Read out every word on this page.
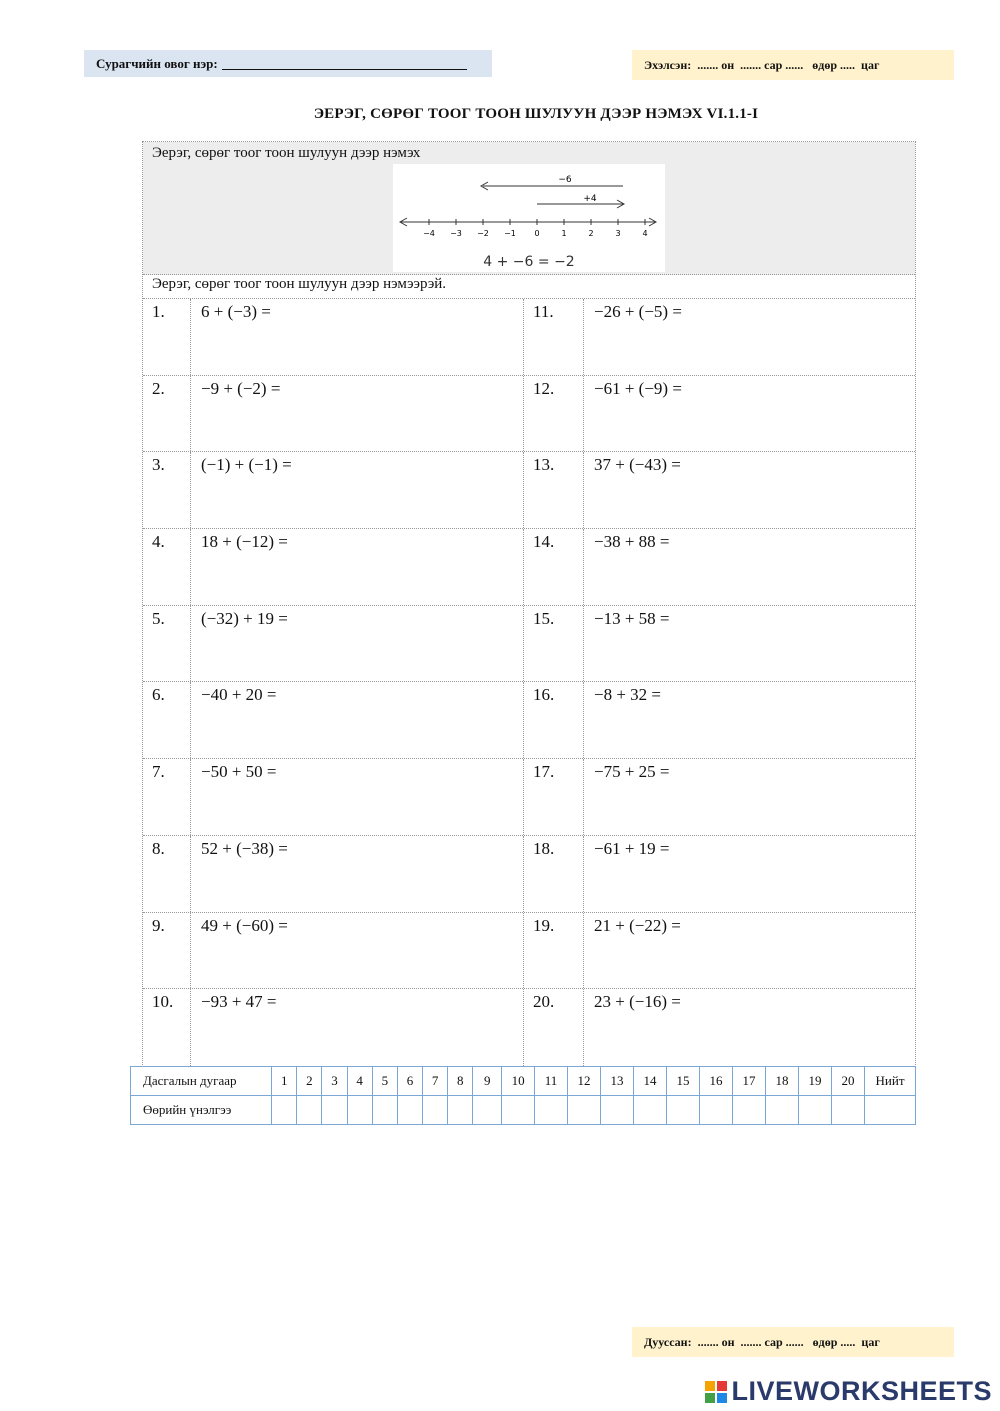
Сурагчийн овог нэр:	Эхэлсэн:  ....... он  ....... сар ......   өдөр .....  цаг
ЭЕРЭГ, СӨРӨГ ТООГ ТООН ШУЛУУН ДЭЭР НЭМЭХ VI.1.1-I
Эерэг, сөрөг тоог тоон шулуун дээр нэмэх
−6
+4
−4 −3 −2 −1 0	1	2	3	4
4 + −6 = −2
Эерэг, сөрөг тоог тоон шулуун дээр нэмээрэй.
1.	6 + (−3) =	11.	−26 + (−5) =
2.	−9 + (−2) =	12.	−61 + (−9) =
3.	(−1) + (−1) =	13.	37 + (−43) =
4.	18 + (−12) =	14.	−38 + 88 =
5.	(−32) + 19 =	15.	−13 + 58 =
6.	−40 + 20 =	16.	−8 + 32 =
7.	−50 + 50 =	17.	−75 + 25 =
8.	52 + (−38) =	18.	−61 + 19 =
9.	49 + (−60) =	19.	21 + (−22) =
10.	−93 + 47 =	20.	23 + (−16) =
Дасгалын дугаар	1	2	3	4	5	6	7	8	9	10	11	12	13	14	15	16	17	18	19	20	Нийт
Өөрийн үнэлгээ																					
Дууссан:  ....... он  ....... сар ......   өдөр .....  цаг
LIVEWORKSHEETS
